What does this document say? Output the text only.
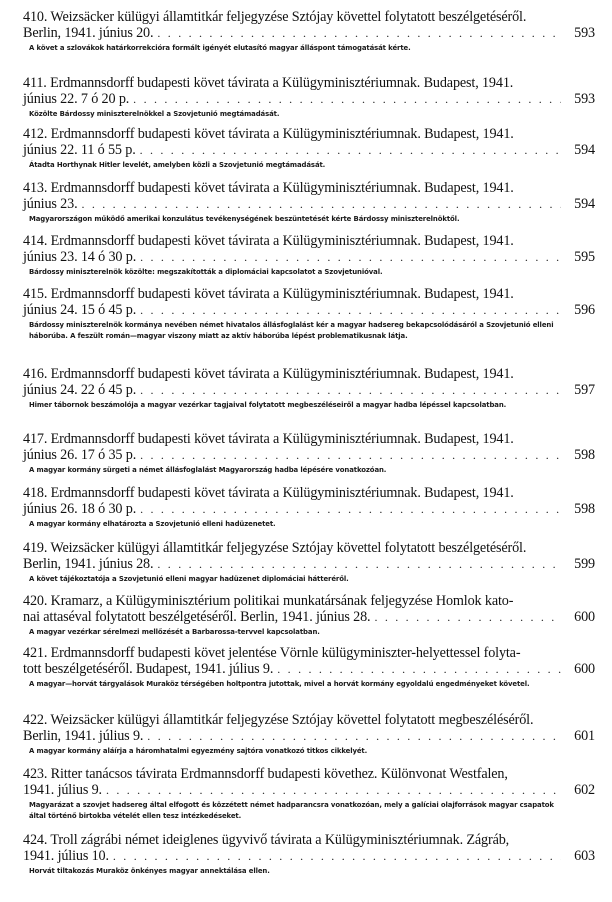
410. Weizsäcker külügyi államtitkár feljegyzése Sztójay követtel folytatott beszélgetéséről.
Berlin, 1941. június 20. . . .	593
A követ a szlovákok határkorrekcióra formált igényét elutasító magyar álláspont támogatását kérte.
411. Erdmannsdorff budapesti követ távirata a Külügyminisztériumnak. Budapest, 1941.
június 22. 7 ó 20 p. . . .	593
Közölte Bárdossy miniszterelnökkel a Szovjetunió megtámadását.
412. Erdmannsdorff budapesti követ távirata a Külügyminisztériumnak. Budapest, 1941.
június 22. 11 ó 55 p. . . .	594
Átadta Horthynak Hitler levelét, amelyben közli a Szovjetunió megtámadását.
413. Erdmannsdorff budapesti követ távirata a Külügyminisztériumnak. Budapest, 1941.
június 23. . . .	594
Magyarországon működő amerikai konzulátus tevékenységének beszüntetését kérte Bárdossy miniszterelnöktől.
414. Erdmannsdorff budapesti követ távirata a Külügyminisztériumnak. Budapest, 1941.
június 23. 14 ó 30 p. . . .	595
Bárdossy miniszterelnök közölte: megszakították a diplomáciai kapcsolatot a Szovjetunióval.
415. Erdmannsdorff budapesti követ távirata a Külügyminisztériumnak. Budapest, 1941.
június 24. 15 ó 45 p. . . .	596
Bárdossy miniszterelnök kormánya nevében német hivatalos állásfoglalást kér a magyar hadsereg bekapcsolódásáról a Szovjetunió elleni háborúba. A feszült román—magyar viszony miatt az aktív háborúba lépést problematikusnak látja.
416. Erdmannsdorff budapesti követ távirata a Külügyminisztériumnak. Budapest, 1941.
június 24. 22 ó 45 p. . . .	597
Himer tábornok beszámolója a magyar vezérkar tagjaival folytatott megbeszéléseiről a magyar hadba lépéssel kapcsolatban.
417. Erdmannsdorff budapesti követ távirata a Külügyminisztériumnak. Budapest, 1941.
június 26. 17 ó 35 p. . . .	598
A magyar kormány sürgeti a német állásfoglalást Magyarország hadba lépésére vonatkozóan.
418. Erdmannsdorff budapesti követ távirata a Külügyminisztériumnak. Budapest, 1941.
június 26. 18 ó 30 p. . . .	598
A magyar kormány elhatározta a Szovjetunió elleni hadüzenetet.
419. Weizsäcker külügyi államtitkár feljegyzése Sztójay követtel folytatott beszélgetéséről.
Berlin, 1941. június 28. . . .	599
A követ tájékoztatója a Szovjetunió elleni magyar hadüzenet diplomáciai hátteréről.
420. Kramarz, a Külügyminisztérium politikai munkatársának feljegyzése Homlok kato-
nai attaséval folytatott beszélgetéséről. Berlin, 1941. június 28. . . .	600
A magyar vezérkar sérelmezi mellőzését a Barbarossa-tervvel kapcsolatban.
421. Erdmannsdorff budapesti követ jelentése Vörnle külügyminiszter-helyettessel folyta-
tott beszélgetéséről. Budapest, 1941. július 9. . . .	600
A magyar—horvát tárgyalások Muraköz térségében holtpontra jutottak, mivel a horvát kormány egyoldalú engedményeket követel.
422. Weizsäcker külügyi államtitkár feljegyzése Sztójay követtel folytatott megbeszéléséről.
Berlin, 1941. július 9. . . .	601
A magyar kormány aláírja a háromhatalmi egyezmény sajtóra vonatkozó titkos cikkelyét.
423. Ritter tanácsos távirata Erdmannsdorff budapesti követhez. Különvonat Westfalen,
1941. július 9. . . .	602
Magyarázat a szovjet hadsereg által elfogott és közzétett német hadparancsra vonatkozóan, mely a galíciai olajforrások magyar csapatok által történő birtokba vételét ellen tesz intézkedéseket.
424. Troll zágrábi német ideiglenes ügyvivő távirata a Külügyminisztériumnak. Zágráb,
1941. július 10. . . .	603
Horvát tiltakozás Muraköz önkényes magyar annektálása ellen.
